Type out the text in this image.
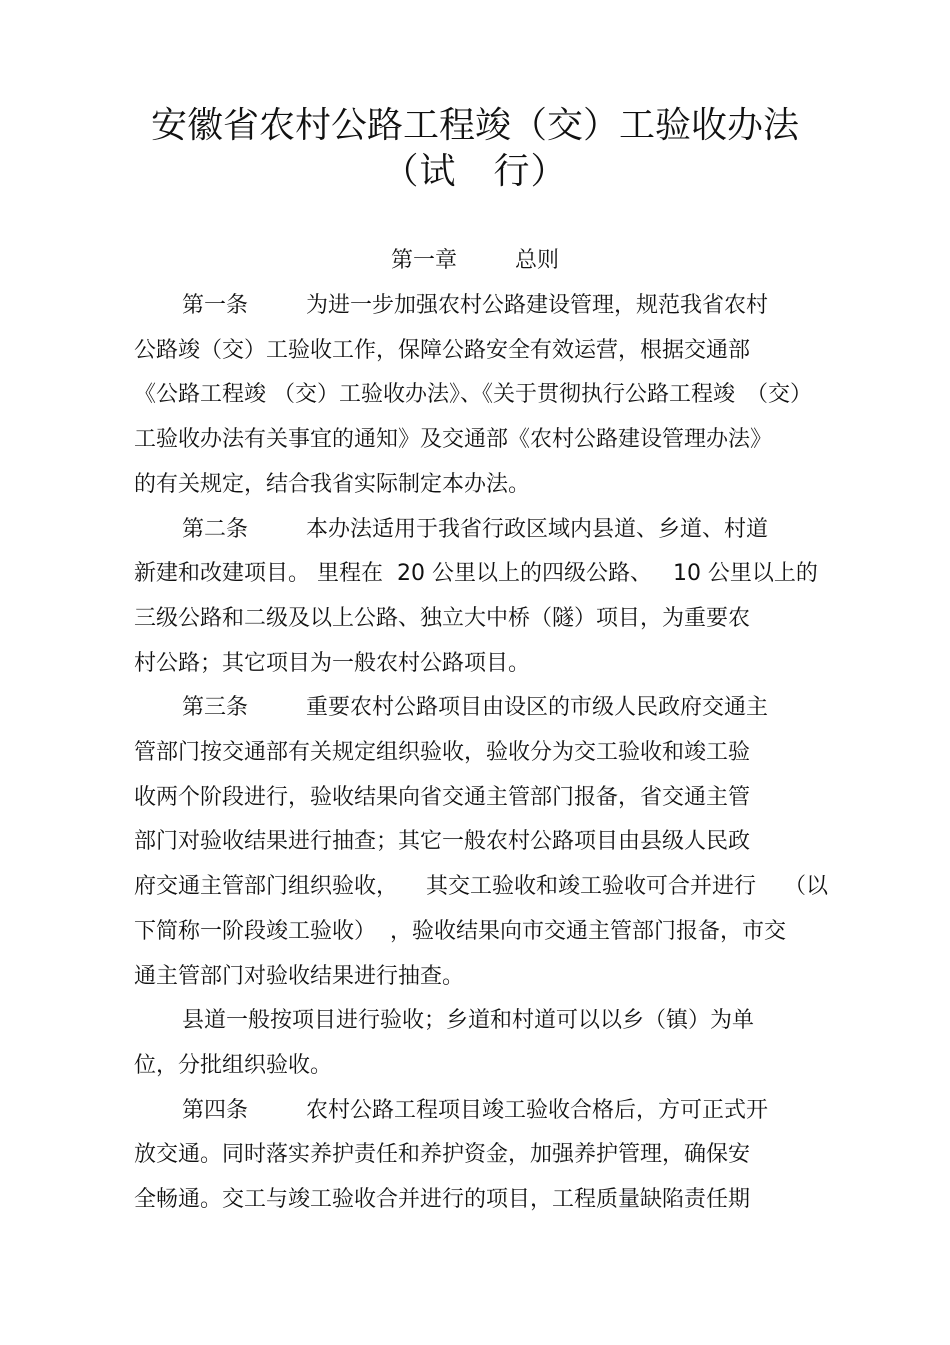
安徽省农村公路工程竣（交）工验收办法
（试　行）
第一章	总则
第一条	为进一步加强农村公路建设管理，规范我省农村
公路竣（交）工验收工作，保障公路安全有效运营，根据交通部
《公路工程竣 （交）工验收办法》、《关于贯彻执行公路工程竣　（交）
工验收办法有关事宜的通知》及交通部《农村公路建设管理办法》
的有关规定，结合我省实际制定本办法。
第二条	本办法适用于我省行政区域内县道、乡道、村道
新建和改建项目。 里程在  20 公里以上的四级公路、   10 公里以上的
三级公路和二级及以上公路、独立大中桥（隧）项目，为重要农
村公路；其它项目为一般农村公路项目。
第三条	重要农村公路项目由设区的市级人民政府交通主
管部门按交通部有关规定组织验收，验收分为交工验收和竣工验
收两个阶段进行，验收结果向省交通主管部门报备，省交通主管
部门对验收结果进行抽查；其它一般农村公路项目由县级人民政
府交通主管部门组织验收，    其交工验收和竣工验收可合并进行    （以
下简称一阶段竣工验收）  ，验收结果向市交通主管部门报备，市交
通主管部门对验收结果进行抽查。
县道一般按项目进行验收；乡道和村道可以以乡（镇）为单
位，分批组织验收。
第四条	农村公路工程项目竣工验收合格后，方可正式开
放交通。同时落实养护责任和养护资金，加强养护管理，确保安
全畅通。交工与竣工验收合并进行的项目，工程质量缺陷责任期
